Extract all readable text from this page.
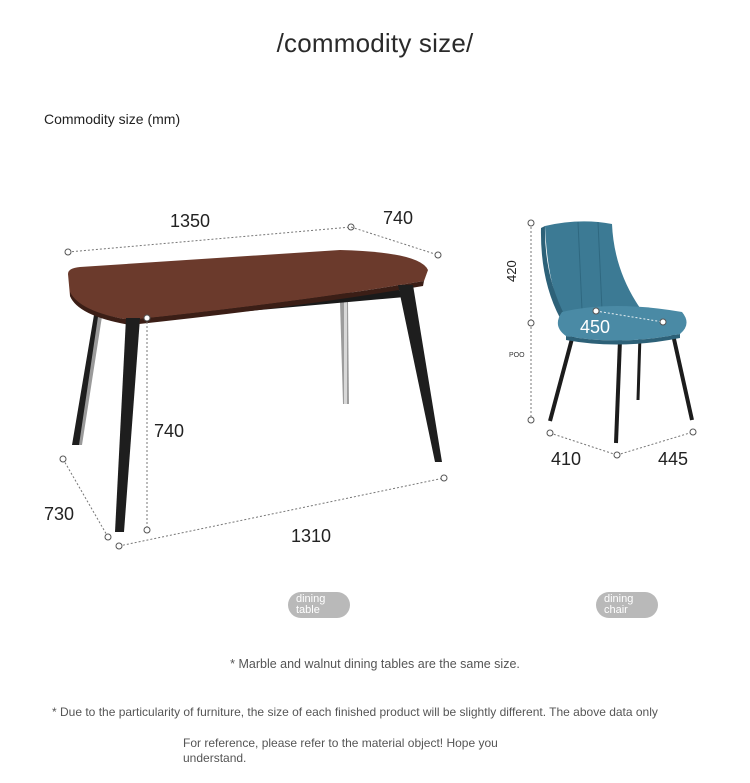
/commodity size/
Commodity size (mm)
1350	740
740
730
1310
420
POO
450
410	445
dining table
dining chair
* Marble and walnut dining tables are the same size.
* Due to the particularity of furniture, the size of each finished product will be slightly different. The above data only
For reference, please refer to the material object! Hope you understand.
